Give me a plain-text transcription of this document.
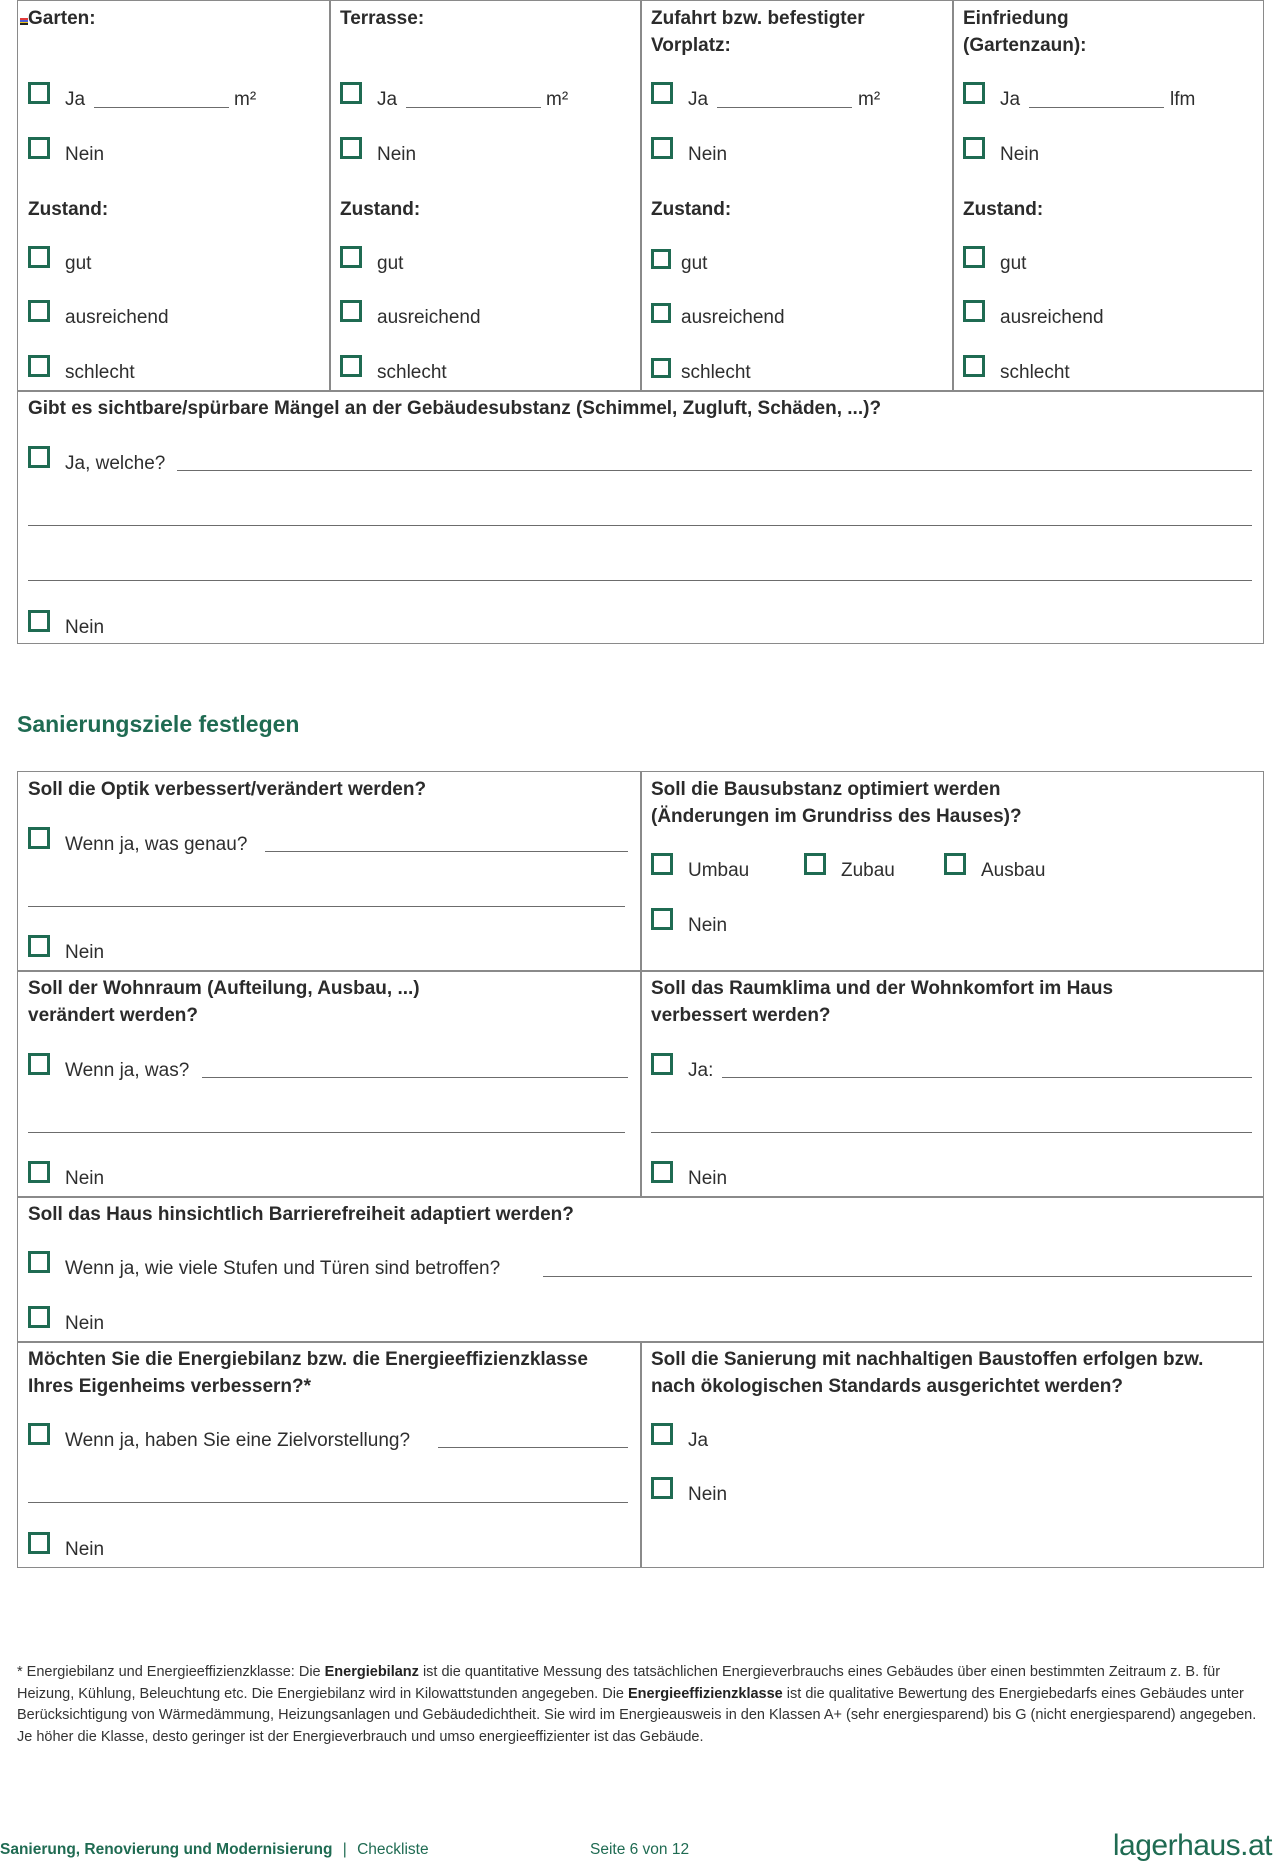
Garten:
Ja	m²
Nein
Zustand:
gut
ausreichend
schlecht
Terrasse:
Ja	m²
Nein
Zustand:
gut
ausreichend
schlecht
Zufahrt bzw. befestigter
Vorplatz:
Ja	m²
Nein
Zustand:
gut
ausreichend
schlecht
Einfriedung
(Gartenzaun):
Ja	lfm
Nein
Zustand:
gut
ausreichend
schlecht
Gibt es sichtbare/spürbare Mängel an der Gebäudesubstanz (Schimmel, Zugluft, Schäden, ...)?
Ja, welche?
Nein
Sanierungsziele festlegen
Soll die Optik verbessert/verändert werden?
Wenn ja, was genau?
Nein
Soll die Bausubstanz optimiert werden
(Änderungen im Grundriss des Hauses)?
Umbau	Zubau	Ausbau
Nein
Soll der Wohnraum (Aufteilung, Ausbau, ...)
verändert werden?
Wenn ja, was?
Nein
Soll das Raumklima und der Wohnkomfort im Haus
verbessert werden?
Ja:
Nein
Soll das Haus hinsichtlich Barrierefreiheit adaptiert werden?
Wenn ja, wie viele Stufen und Türen sind betroffen?
Nein
Möchten Sie die Energiebilanz bzw. die Energieeffizienzklasse
Ihres Eigenheims verbessern?*
Wenn ja, haben Sie eine Zielvorstellung?
Nein
Soll die Sanierung mit nachhaltigen Baustoffen erfolgen bzw.
nach ökologischen Standards ausgerichtet werden?
Ja
Nein
* Energiebilanz und Energieeffizienzklasse: Die Energiebilanz ist die quantitative Messung des tatsächlichen Energieverbrauchs eines Gebäudes über einen bestimmten Zeitraum z. B. für Heizung, Kühlung, Beleuchtung etc. Die Energiebilanz wird in Kilowattstunden angegeben. Die Energieeffizienzklasse ist die qualitative Bewertung des Energiebedarfs eines Gebäudes unter Berücksichtigung von Wärmedämmung, Heizungsanlagen und Gebäudedichtheit. Sie wird im Energieausweis in den Klassen A+ (sehr energiesparend) bis G (nicht energiesparend) angegeben. Je höher die Klasse, desto geringer ist der Energieverbrauch und umso energieeffizienter ist das Gebäude.
Sanierung, Renovierung und Modernisierung | Checkliste	Seite 6 von 12	lagerhaus.at
